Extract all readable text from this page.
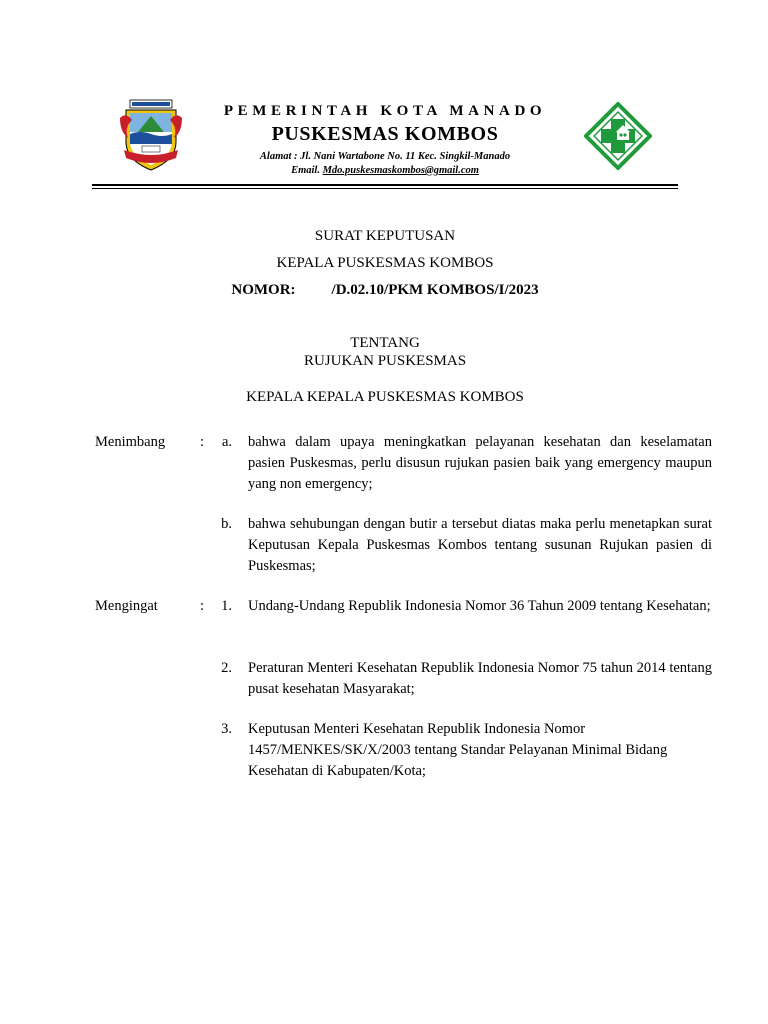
PEMERINTAH KOTA MANADO
PUSKESMAS KOMBOS
Alamat : Jl. Nani Wartabone No. 11 Kec. Singkil-Manado
Email. Mdo.puskesmaskombos@gmail.com
SURAT KEPUTUSAN
KEPALA PUSKESMAS KOMBOS
NOMOR: /D.02.10/PKM KOMBOS/I/2023
TENTANG
RUJUKAN PUSKESMAS
KEPALA KEPALA PUSKESMAS KOMBOS
Menimbang :	a. bahwa dalam upaya meningkatkan pelayanan kesehatan dan keselamatan pasien Puskesmas, perlu disusun rujukan pasien baik yang emergency maupun yang non emergency;
b. bahwa sehubungan dengan butir a tersebut diatas maka perlu menetapkan surat Keputusan Kepala Puskesmas Kombos tentang susunan Rujukan pasien di Puskesmas;
Mengingat	:	1. Undang-Undang Republik Indonesia Nomor 36 Tahun 2009 tentang Kesehatan;
2. Peraturan Menteri Kesehatan Republik Indonesia Nomor 75 tahun 2014 tentang pusat kesehatan Masyarakat;
3. Keputusan Menteri Kesehatan Republik Indonesia Nomor 1457/MENKES/SK/X/2003 tentang Standar Pelayanan Minimal Bidang Kesehatan di Kabupaten/Kota;
